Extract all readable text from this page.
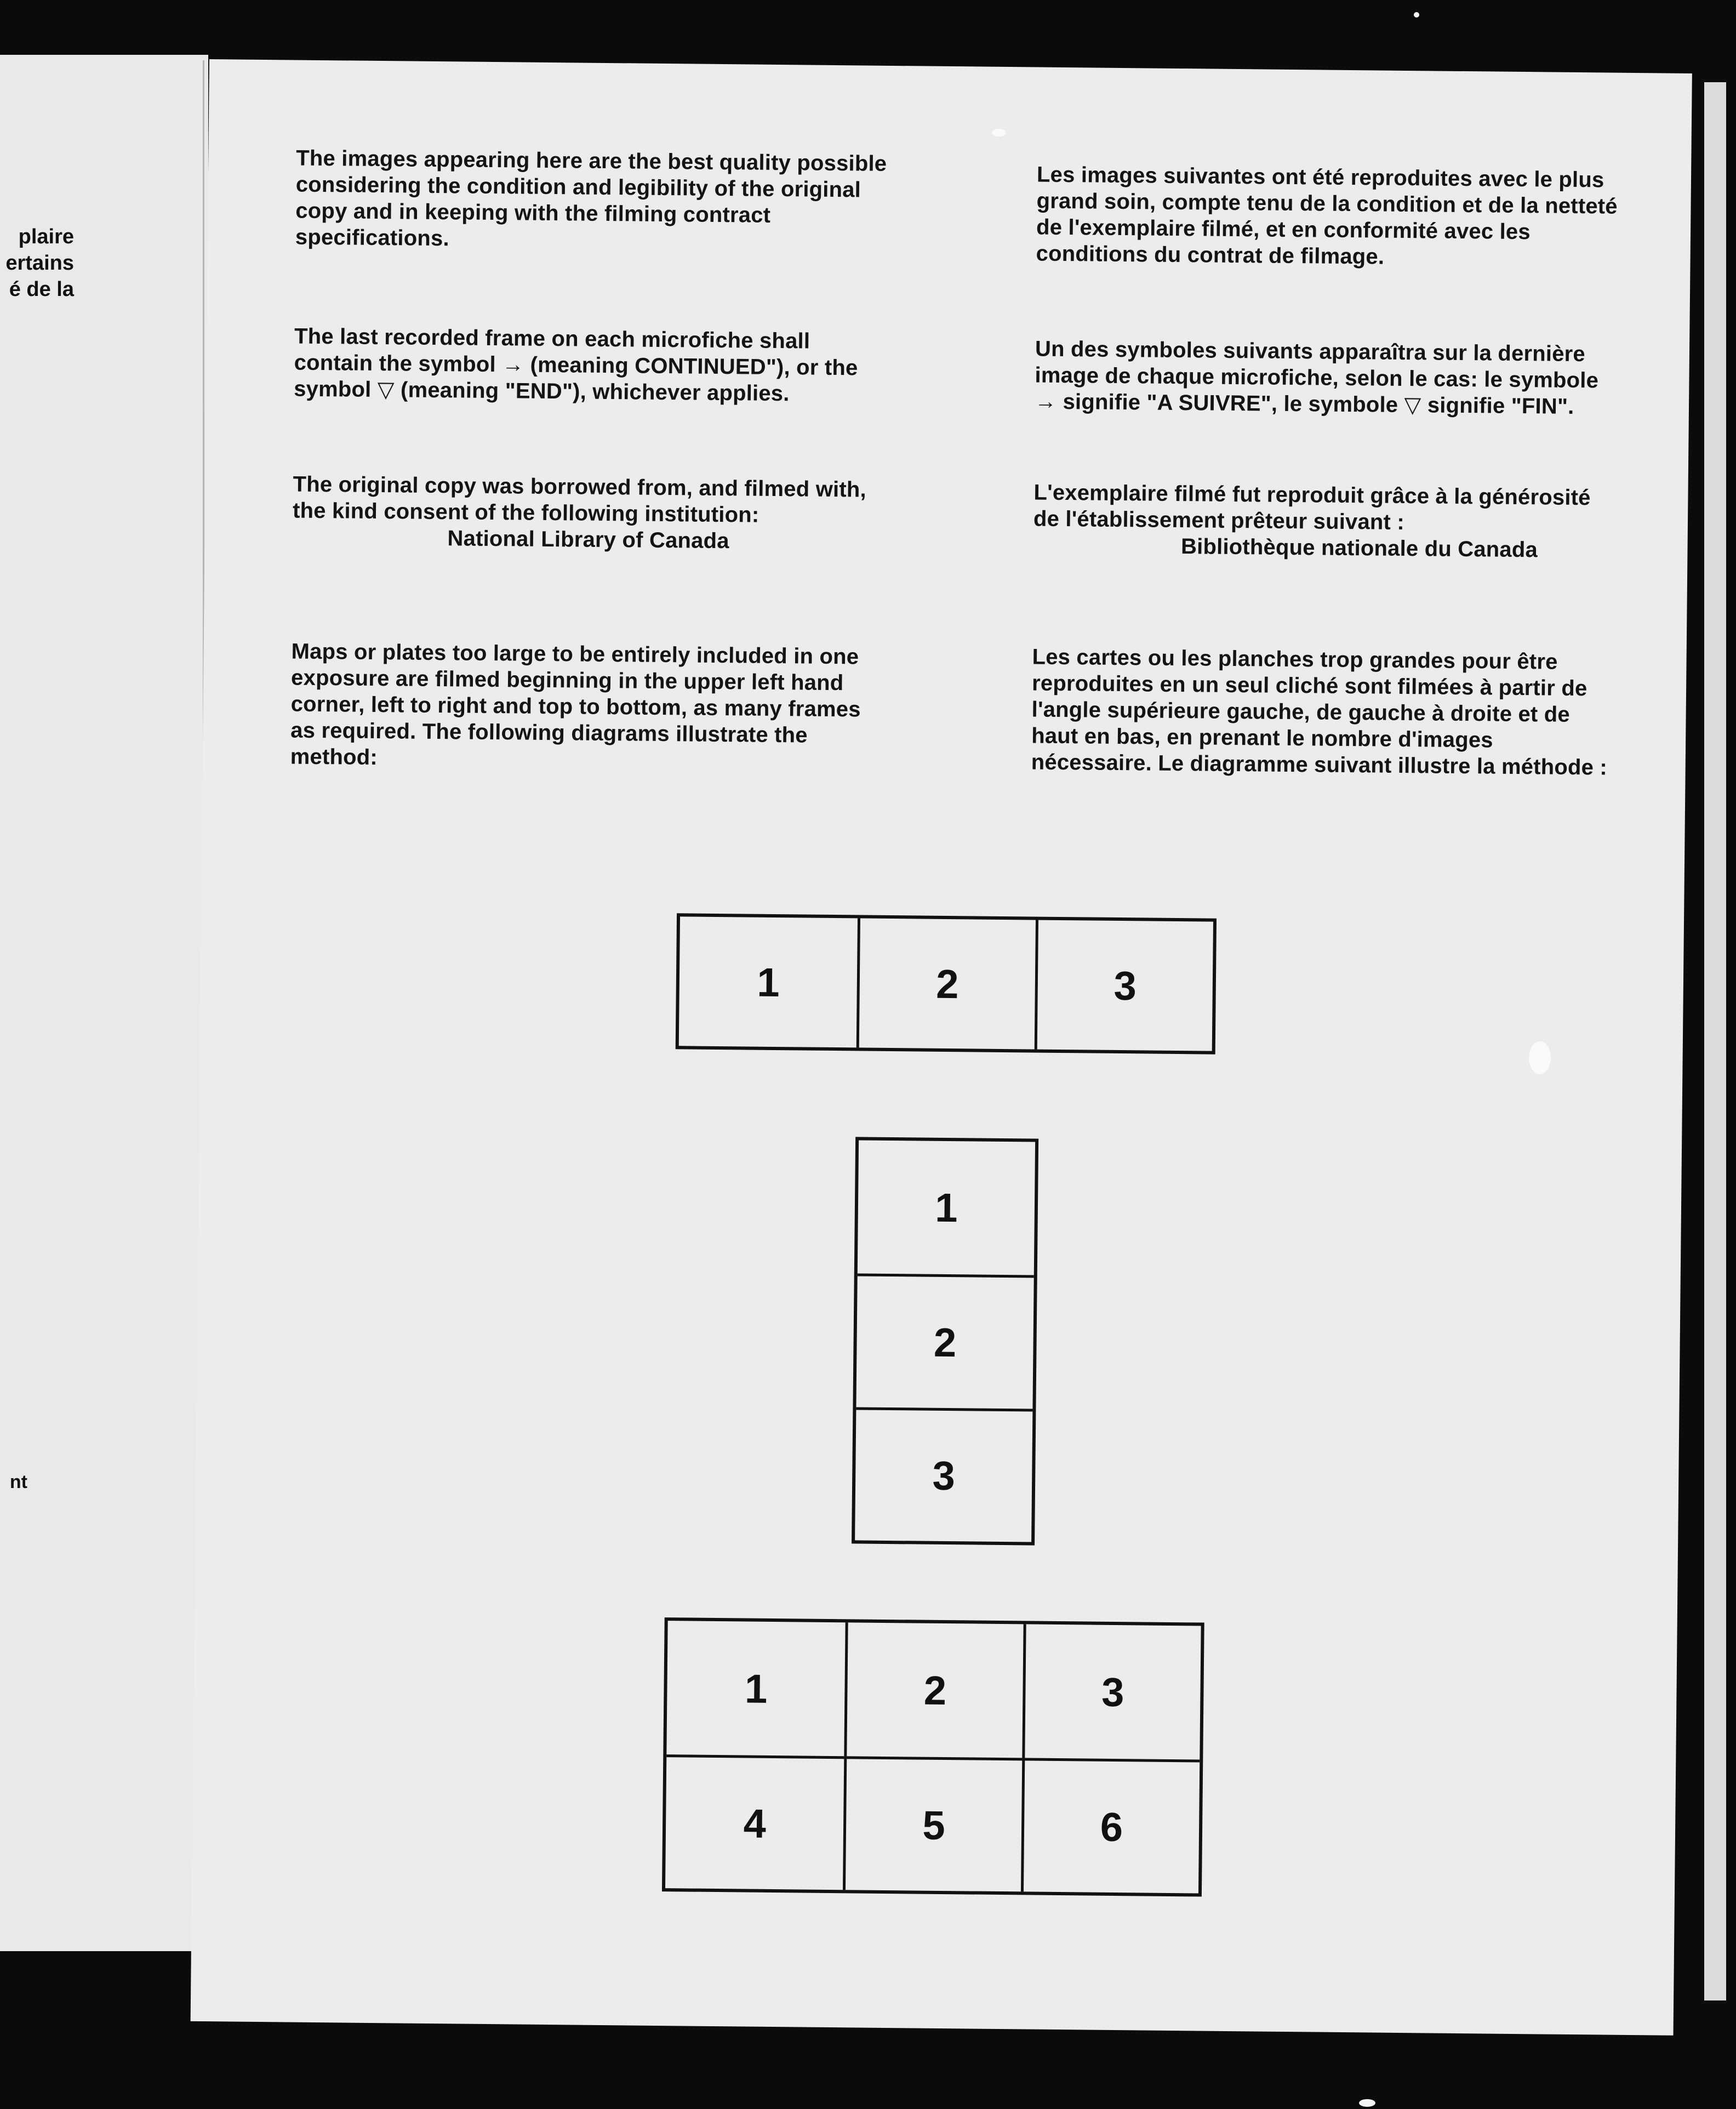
plaire
ertains
é de la
nt

The images appearing here are the best quality possible considering the condition and legibility of the original copy and in keeping with the filming contract specifications.

The last recorded frame on each microfiche shall contain the symbol → (meaning CONTINUED"), or the symbol ▽ (meaning "END"), whichever applies.

The original copy was borrowed from, and filmed with, the kind consent of the following institution:
National Library of Canada

Maps or plates too large to be entirely included in one exposure are filmed beginning in the upper left hand corner, left to right and top to bottom, as many frames as required. The following diagrams illustrate the method:

Les images suivantes ont été reproduites avec le plus grand soin, compte tenu de la condition et de la netteté de l'exemplaire filmé, et en conformité avec les conditions du contrat de filmage.

Un des symboles suivants apparaîtra sur la dernière image de chaque microfiche, selon le cas: le symbole → signifie "A SUIVRE", le symbole ▽ signifie "FIN".

L'exemplaire filmé fut reproduit grâce à la générosité de l'établissement prêteur suivant :
Bibliothèque nationale du Canada

Les cartes ou les planches trop grandes pour être reproduites en un seul cliché sont filmées à partir de l'angle supérieure gauche, de gauche à droite et de haut en bas, en prenant le nombre d'images nécessaire. Le diagramme suivant illustre la méthode :

1	2	3
1
2
3
1	2	3
4	5	6
